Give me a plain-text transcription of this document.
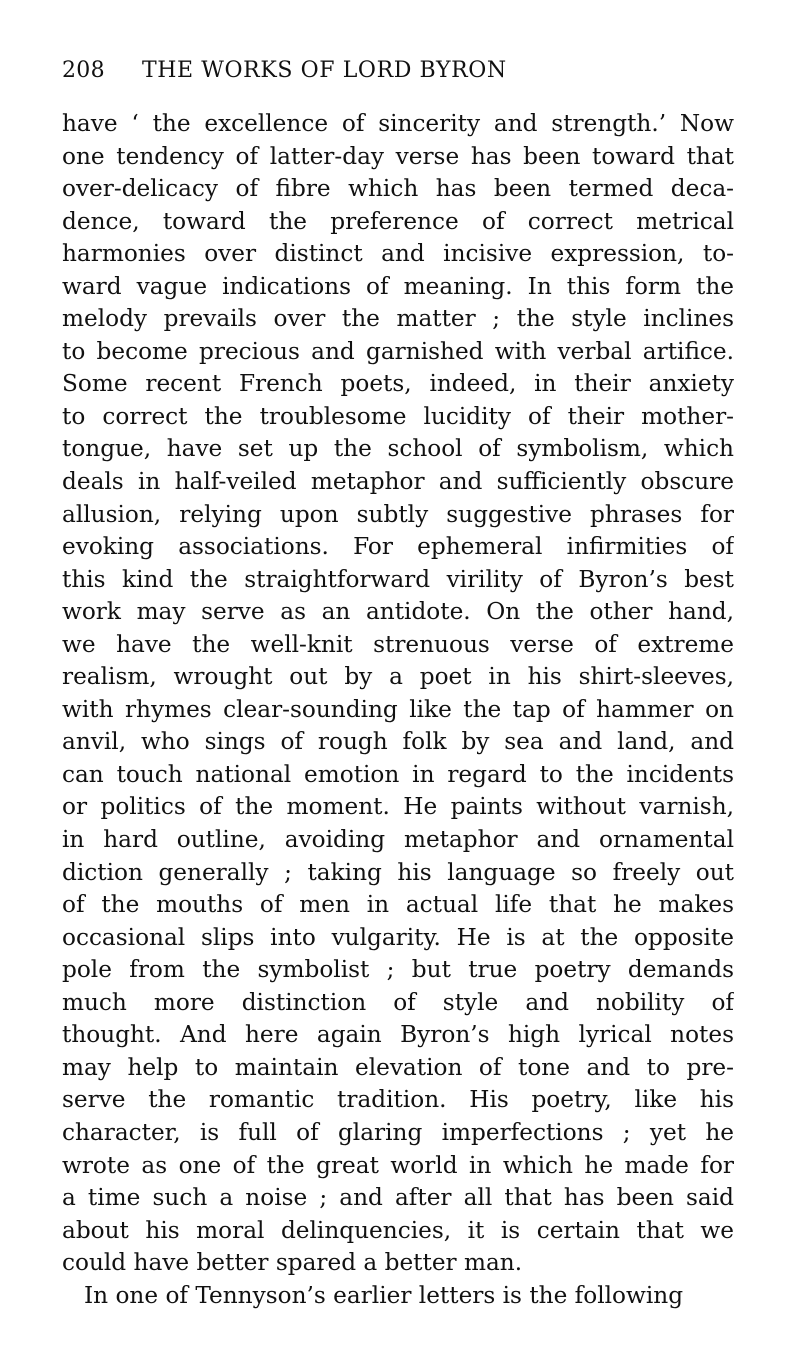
208 THE WORKS OF LORD BYRON
have ‘ the excellence of sincerity and strength.’ Now
one tendency of latter-day verse has been toward that
over-delicacy of fibre which has been termed deca-
dence, toward the preference of correct metrical
harmonies over distinct and incisive expression, to-
ward vague indications of meaning. In this form the
melody prevails over the matter ; the style inclines
to become precious and garnished with verbal artifice.
Some recent French poets, indeed, in their anxiety
to correct the troublesome lucidity of their mother-
tongue, have set up the school of symbolism, which
deals in half-veiled metaphor and sufficiently obscure
allusion, relying upon subtly suggestive phrases for
evoking associations. For ephemeral infirmities of
this kind the straightforward virility of Byron’s best
work may serve as an antidote. On the other hand,
we have the well-knit strenuous verse of extreme
realism, wrought out by a poet in his shirt-sleeves,
with rhymes clear-sounding like the tap of hammer on
anvil, who sings of rough folk by sea and land, and
can touch national emotion in regard to the incidents
or politics of the moment. He paints without varnish,
in hard outline, avoiding metaphor and ornamental
diction generally ; taking his language so freely out
of the mouths of men in actual life that he makes
occasional slips into vulgarity. He is at the opposite
pole from the symbolist ; but true poetry demands
much more distinction of style and nobility of
thought. And here again Byron’s high lyrical notes
may help to maintain elevation of tone and to pre-
serve the romantic tradition. His poetry, like his
character, is full of glaring imperfections ; yet he
wrote as one of the great world in which he made for
a time such a noise ; and after all that has been said
about his moral delinquencies, it is certain that we
could have better spared a better man.
In one of Tennyson’s earlier letters is the following
